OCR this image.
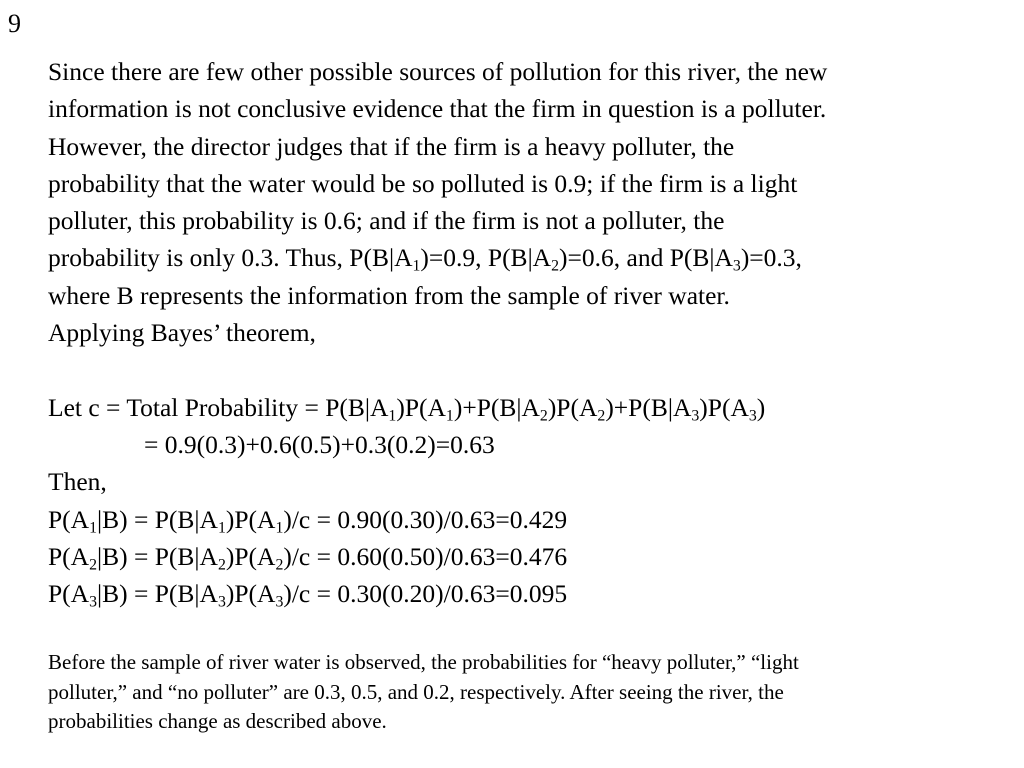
9
Since there are few other possible sources of pollution for this river, the new
information is not conclusive evidence that the firm in question is a polluter.
However, the director judges that if the firm is a heavy polluter, the
probability that the water would be so polluted is 0.9; if the firm is a light
polluter, this probability is 0.6; and if the firm is not a polluter, the
probability is only 0.3. Thus, $P(B|A_1)=0.9$, $P(B|A_2)=0.6$, and $P(B|A_3)=0.3$,
where B represents the information from the sample of river water.
Applying Bayes’ theorem,
Let c = Total Probability = $P(B|A_1)P(A_1)+P(B|A_2)P(A_2)+P(B|A_3)P(A_3)$
= 0.9(0.3)+0.6(0.5)+0.3(0.2)=0.63
Then,
$P(A_1|B) = P(B|A_1)P(A_1)/c = 0.90(0.30)/0.63=0.429$
$P(A_2|B) = P(B|A_2)P(A_2)/c = 0.60(0.50)/0.63=0.476$
$P(A_3|B) = P(B|A_3)P(A_3)/c = 0.30(0.20)/0.63=0.095$
Before the sample of river water is observed, the probabilities for “heavy polluter,” “light
polluter,” and “no polluter” are 0.3, 0.5, and 0.2, respectively. After seeing the river, the
probabilities change as described above.
